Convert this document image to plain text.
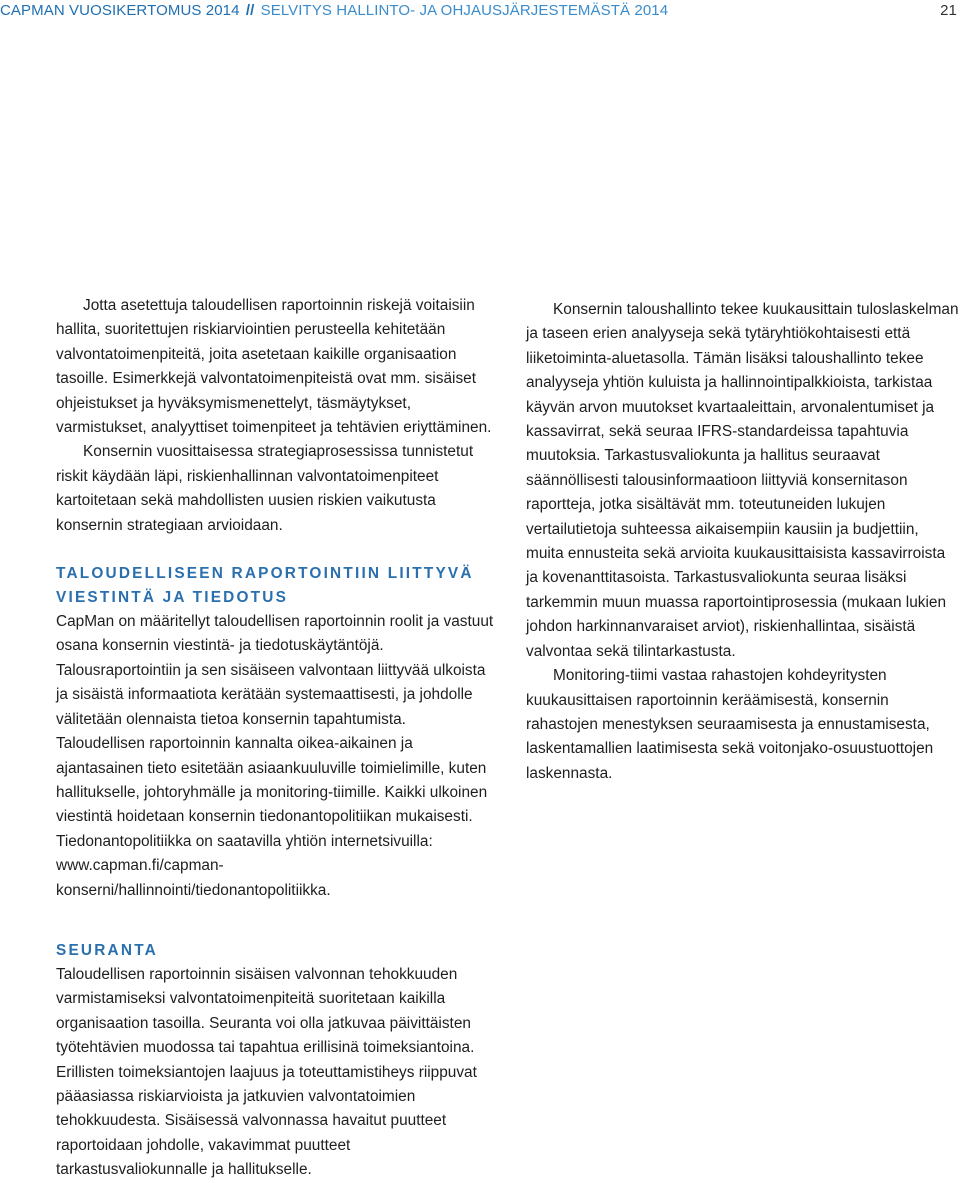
CAPMAN VUOSIKERTOMUS 2014 // SELVITYS HALLINTO- JA OHJAUSJÄRJESTEMÄSTÄ 2014	21

Jotta asetettuja taloudellisen raportoinnin riskejä voitaisiin hallita, suoritettujen riskiarviointien perusteella kehitetään valvontatoimenpiteitä, joita asetetaan kaikille organisaation tasoille. Esimerkkejä valvontatoimenpiteistä ovat mm. sisäiset ohjeistukset ja hyväksymismenettelyt, täsmäytykset, varmistukset, analyyttiset toimenpiteet ja tehtävien eriyttäminen.

Konsernin vuosittaisessa strategiaprosessissa tunnistetut riskit käydään läpi, riskienhallinnan valvontatoimenpiteet kartoitetaan sekä mahdollisten uusien riskien vaikutusta konsernin strategiaan arvioidaan.

TALOUDELLISEEN RAPORTOINTIIN LIITTYVÄ VIESTINTÄ JA TIEDOTUS

CapMan on määritellyt taloudellisen raportoinnin roolit ja vastuut osana konsernin viestintä- ja tiedotuskäytäntöjä.

Talousraportointiin ja sen sisäiseen valvontaan liittyvää ulkoista ja sisäistä informaatiota kerätään systemaattisesti, ja johdolle välitetään olennaista tietoa konsernin tapahtumista. Taloudellisen raportoinnin kannalta oikea-aikainen ja ajantasainen tieto esitetään asiaankuuluville toimielimille, kuten hallitukselle, johtoryhmälle ja monitoring-tiimille. Kaikki ulkoinen viestintä hoidetaan konsernin tiedonantopolitiikan mukaisesti. Tiedonantopolitiikka on saatavilla yhtiön internetsivuilla: www.capman.fi/capman-konserni/hallinnointi/tiedonantopolitiikka.

SEURANTA

Taloudellisen raportoinnin sisäisen valvonnan tehokkuuden varmistamiseksi valvontatoimenpiteitä suoritetaan kaikilla organisaation tasoilla. Seuranta voi olla jatkuvaa päivittäisten työtehtävien muodossa tai tapahtua erillisinä toimeksiantoina. Erillisten toimeksiantojen laajuus ja toteuttamistiheys riippuvat pääasiassa riskiarvioista ja jatkuvien valvontatoimien tehokkuudesta. Sisäisessä valvonnassa havaitut puutteet raportoidaan johdolle, vakavimmat puutteet tarkastusvaliokunnalle ja hallitukselle.

Konsernin taloushallinto tekee kuukausittain tuloslaskelman ja taseen erien analyyseja sekä tytäryhtiökohtaisesti että liiketoiminta-aluetasolla. Tämän lisäksi taloushallinto tekee analyyseja yhtiön kuluista ja hallinnointipalkkioista, tarkistaa käyvän arvon muutokset kvartaaleittain, arvonalentumiset ja kassavirrat, sekä seuraa IFRS-standardeissa tapahtuvia muutoksia. Tarkastusvaliokunta ja hallitus seuraavat säännöllisesti talousinformaatioon liittyviä konsernitason raportteja, jotka sisältävät mm. toteutuneiden lukujen vertailutietoja suhteessa aikaisempiin kausiin ja budjettiin, muita ennusteita sekä arvioita kuukausittaisista kassavirroista ja kovenanttitasoista. Tarkastusvaliokunta seuraa lisäksi tarkemmin muun muassa raportointiprosessia (mukaan lukien johdon harkinnanvaraiset arviot), riskienhallintaa, sisäistä valvontaa sekä tilintarkastusta.

Monitoring-tiimi vastaa rahastojen kohdeyritysten kuukausittaisen raportoinnin keräämisestä, konsernin rahastojen menestyksen seuraamisesta ja ennustamisesta, laskentamallien laatimisesta sekä voitonjako-osuustuottojen laskennasta.
